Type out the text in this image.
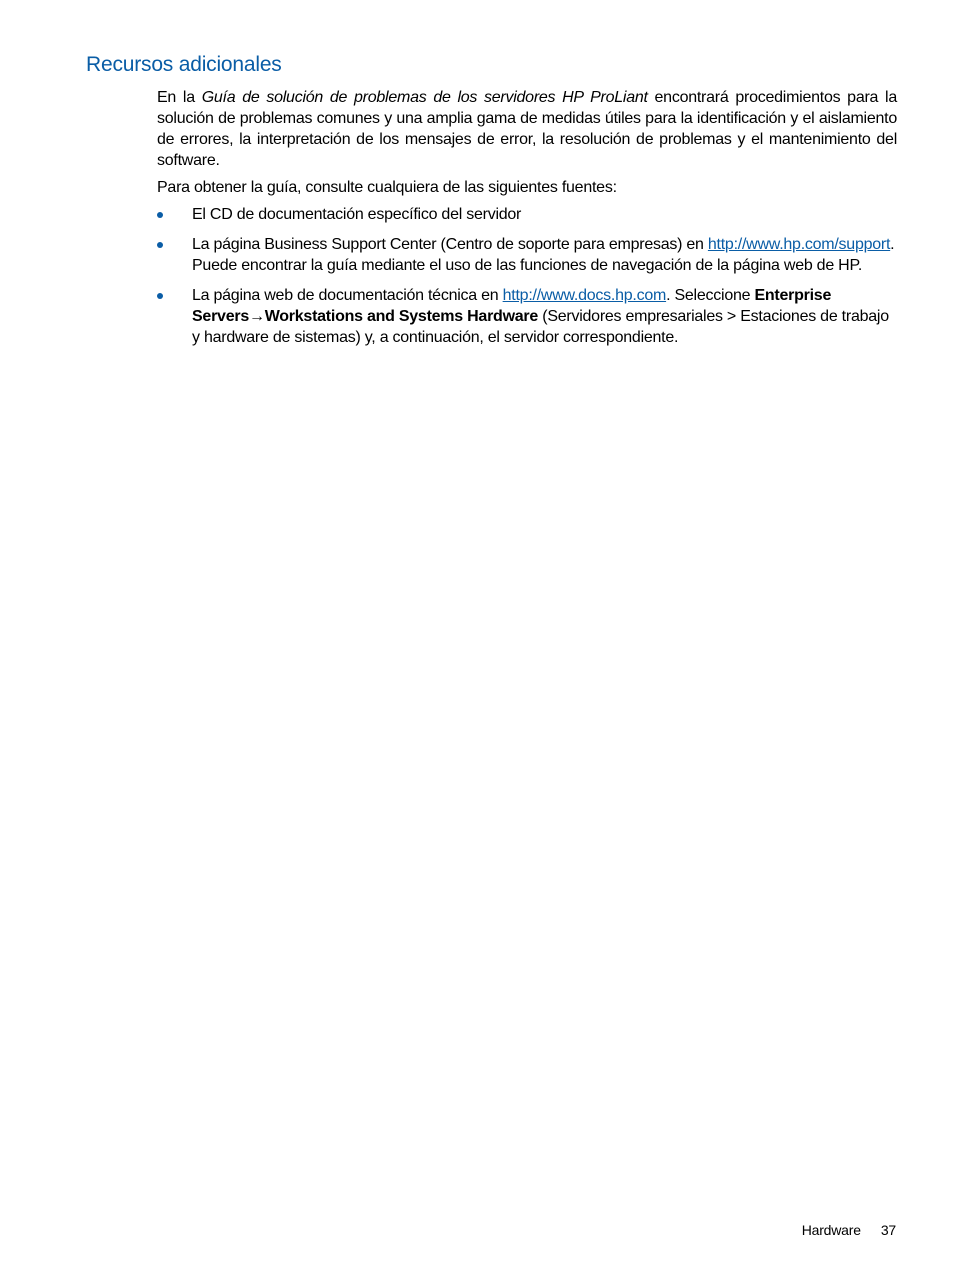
Recursos adicionales

En la Guía de solución de problemas de los servidores HP ProLiant encontrará procedimientos para la solución de problemas comunes y una amplia gama de medidas útiles para la identificación y el aislamiento de errores, la interpretación de los mensajes de error, la resolución de problemas y el mantenimiento del software.

Para obtener la guía, consulte cualquiera de las siguientes fuentes:

El CD de documentación específico del servidor
La página Business Support Center (Centro de soporte para empresas) en http://www.hp.com/support. Puede encontrar la guía mediante el uso de las funciones de navegación de la página web de HP.
La página web de documentación técnica en http://www.docs.hp.com. Seleccione Enterprise Servers→Workstations and Systems Hardware (Servidores empresariales > Estaciones de trabajo y hardware de sistemas) y, a continuación, el servidor correspondiente.
Hardware 37
